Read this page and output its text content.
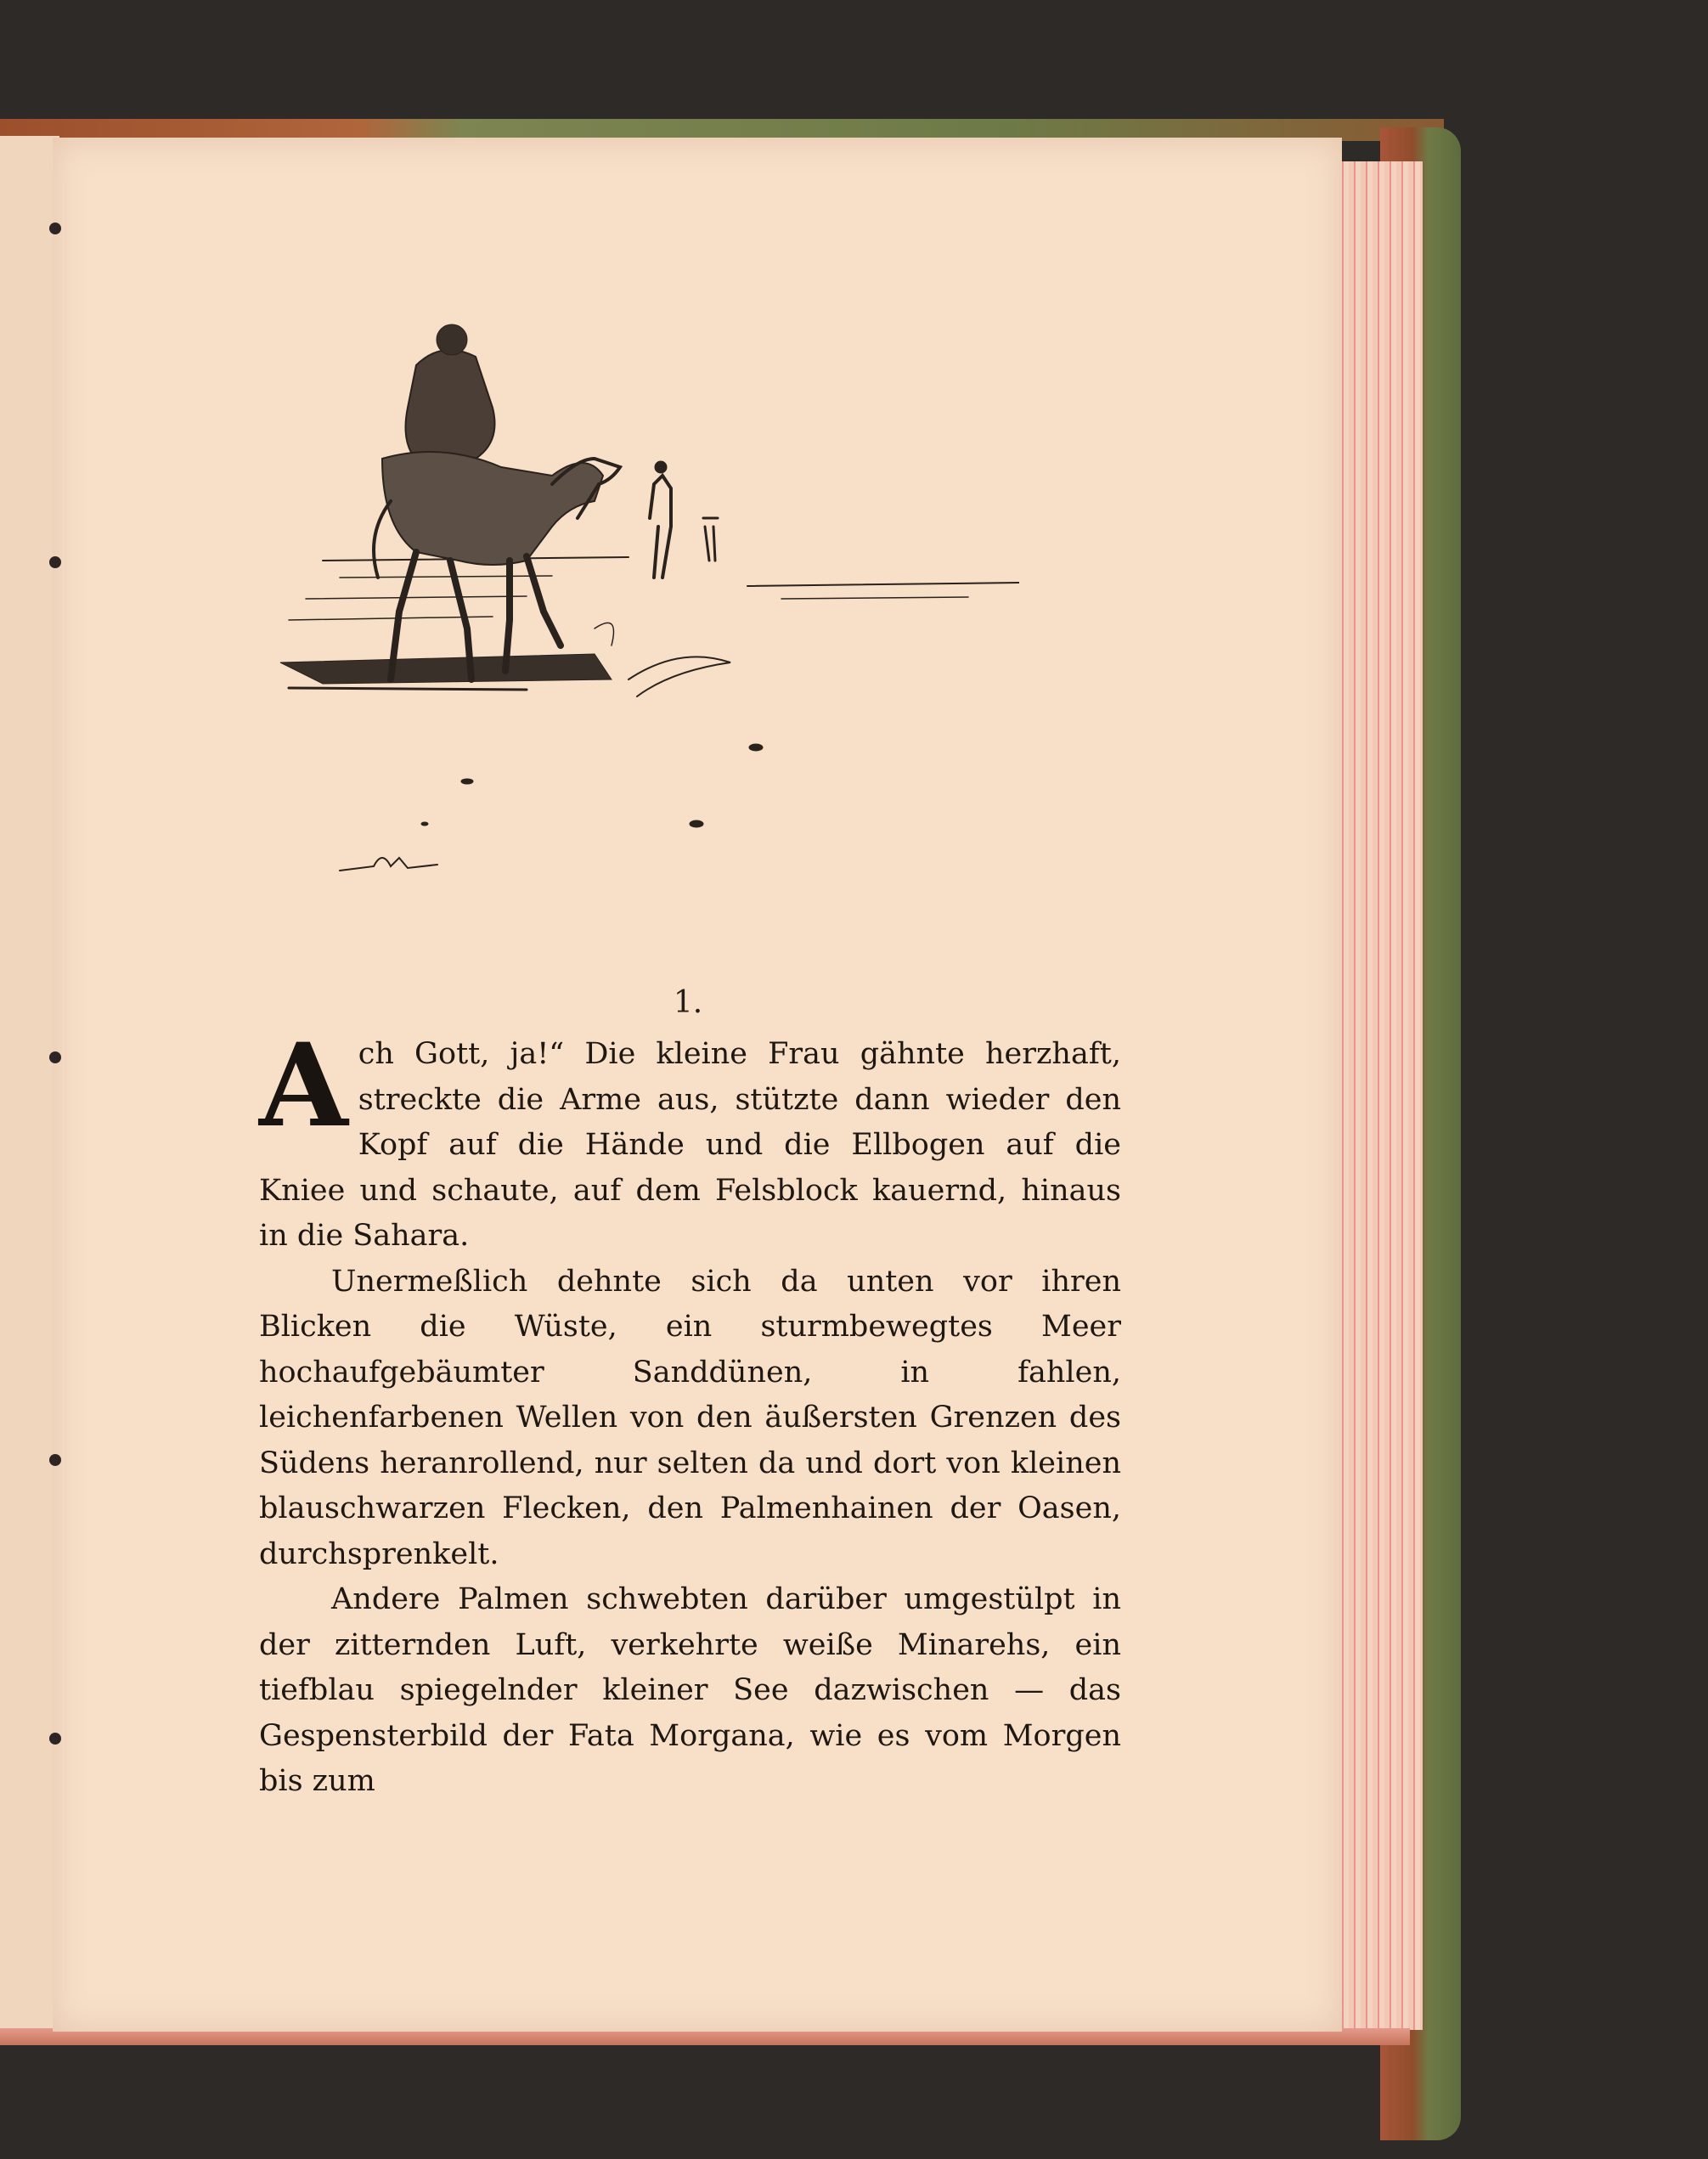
1.

Ach Gott, ja!“ Die kleine Frau gähnte herzhaft, streckte die Arme aus, stützte dann wieder den Kopf auf die Hände und die Ellbogen auf die Kniee und schaute, auf dem Felsblock kauernd, hinaus in die Sahara.

Unermeßlich dehnte sich da unten vor ihren Blicken die Wüste, ein sturmbewegtes Meer hochaufgebäumter Sanddünen, in fahlen, leichenfarbenen Wellen von den äußersten Grenzen des Südens heranrollend, nur selten da und dort von kleinen blauschwarzen Flecken, den Palmenhainen der Oasen, durchsprenkelt.

Andere Palmen schwebten darüber umgestülpt in der zitternden Luft, verkehrte weiße Minarehs, ein tiefblau spiegelnder kleiner See dazwischen — das Gespensterbild der Fata Morgana, wie es vom Morgen bis zum
